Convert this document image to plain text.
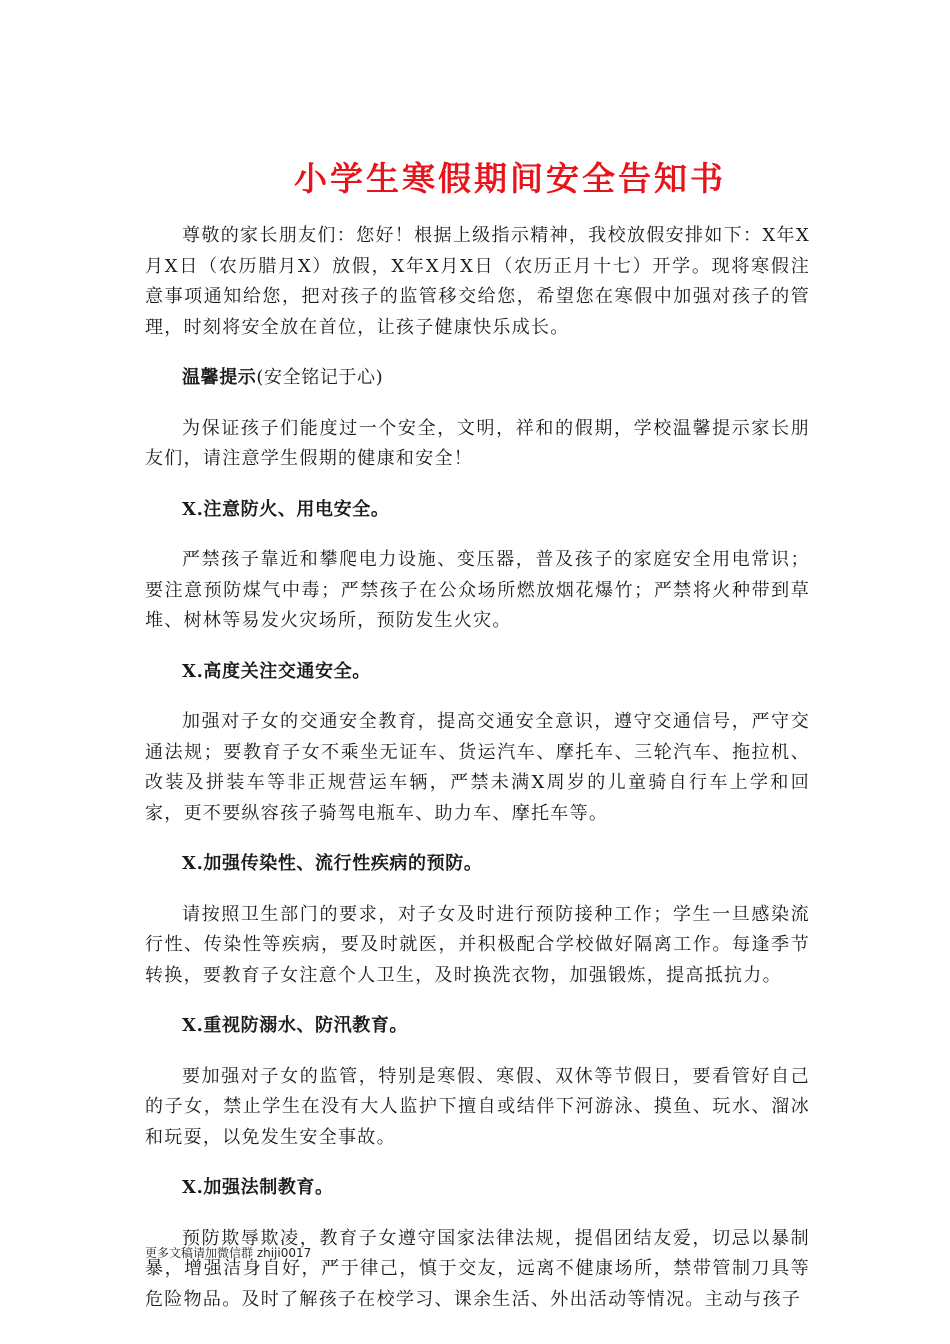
小学生寒假期间安全告知书

尊敬的家长朋友们：您好！根据上级指示精神，我校放假安排如下：X年X月X日（农历腊月X）放假，X年X月X日（农历正月十七）开学。现将寒假注意事项通知给您，把对孩子的监管移交给您，希望您在寒假中加强对孩子的管理，时刻将安全放在首位，让孩子健康快乐成长。

温馨提示(安全铭记于心)

为保证孩子们能度过一个安全，文明，祥和的假期，学校温馨提示家长朋友们，请注意学生假期的健康和安全！

X.注意防火、用电安全。

严禁孩子靠近和攀爬电力设施、变压器，普及孩子的家庭安全用电常识；要注意预防煤气中毒；严禁孩子在公众场所燃放烟花爆竹；严禁将火种带到草堆、树林等易发火灾场所，预防发生火灾。

X.高度关注交通安全。

加强对子女的交通安全教育，提高交通安全意识，遵守交通信号，严守交通法规；要教育子女不乘坐无证车、货运汽车、摩托车、三轮汽车、拖拉机、改装及拼装车等非正规营运车辆，严禁未满X周岁的儿童骑自行车上学和回家，更不要纵容孩子骑驾电瓶车、助力车、摩托车等。

X.加强传染性、流行性疾病的预防。

请按照卫生部门的要求，对子女及时进行预防接种工作；学生一旦感染流行性、传染性等疾病，要及时就医，并积极配合学校做好隔离工作。每逢季节转换，要教育子女注意个人卫生，及时换洗衣物，加强锻炼，提高抵抗力。

X.重视防溺水、防汛教育。

要加强对子女的监管，特别是寒假、寒假、双休等节假日，要看管好自己的子女，禁止学生在没有大人监护下擅自或结伴下河游泳、摸鱼、玩水、溜冰和玩耍，以免发生安全事故。

X.加强法制教育。

预防欺辱欺凌，教育子女遵守国家法律法规，提倡团结友爱，切忌以暴制暴，增强洁身自好，严于律己，慎于交友，远离不健康场所，禁带管制刀具等危险物品。及时了解孩子在校学习、课余生活、外出活动等情况。主动与孩子

更多文稿请加微信群 zhiji0017
